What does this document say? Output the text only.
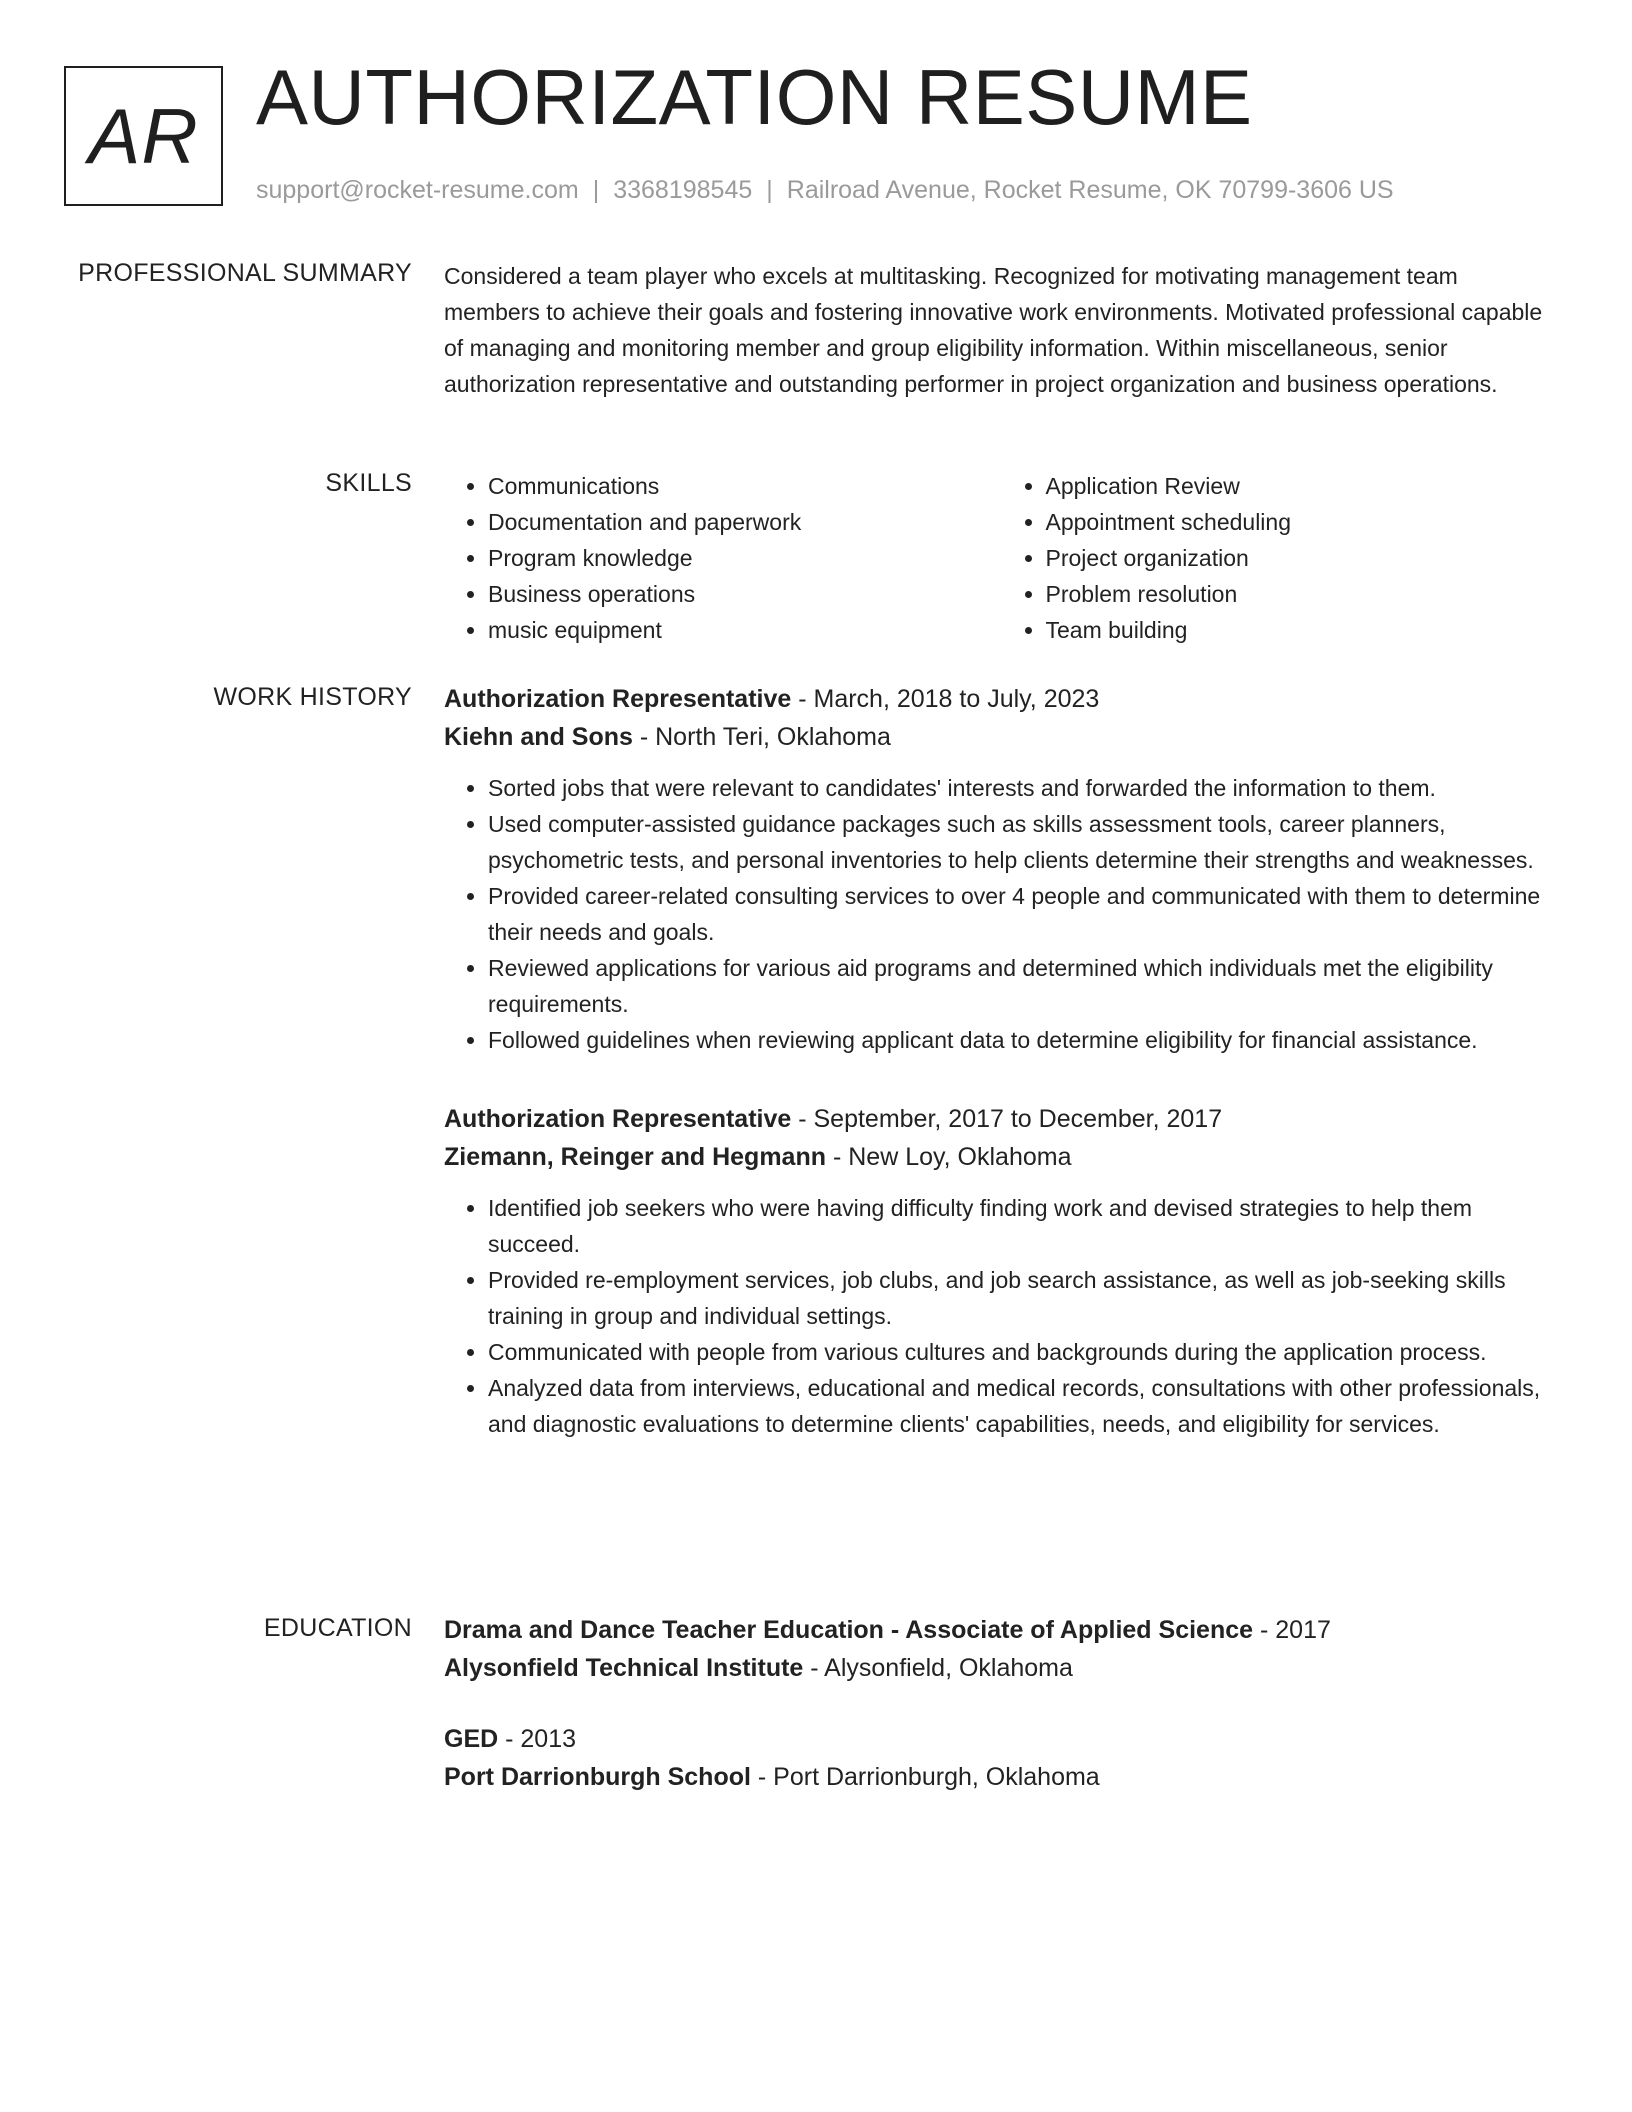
AR AUTHORIZATION RESUME
support@rocket-resume.com | 3368198545 | Railroad Avenue, Rocket Resume, OK 70799-3606 US
PROFESSIONAL SUMMARY Considered a team player who excels at multitasking. Recognized for motivating management team members to achieve their goals and fostering innovative work environments. Motivated professional capable of managing and monitoring member and group eligibility information. Within miscellaneous, senior authorization representative and outstanding performer in project organization and business operations.

SKILLS
•	Communications
• Documentation and paperwork
• Program knowledge
• Business operations
• music equipment
• Application Review
• Appointment scheduling
• Project organization
• Problem resolution
• Team building
WORK HISTORY Authorization Representative - March, 2018 to July, 2023
Kiehn and Sons - North Teri, Oklahoma
• Sorted jobs that were relevant to candidates' interests and forwarded the information to them.
• Used computer-assisted guidance packages such as skills assessment tools, career planners, psychometric tests, and personal inventories to help clients determine their strengths and weaknesses.
• Provided career-related consulting services to over 4 people and communicated with them to determine their needs and goals.
• Reviewed applications for various aid programs and determined which individuals met the eligibility requirements.
• Followed guidelines when reviewing applicant data to determine eligibility for financial assistance.
Authorization Representative - September, 2017 to December, 2017
Ziemann, Reinger and Hegmann - New Loy, Oklahoma
• Identified job seekers who were having difficulty finding work and devised strategies to help them succeed.
• Provided re-employment services, job clubs, and job search assistance, as well as job-seeking skills training in group and individual settings.
• Communicated with people from various cultures and backgrounds during the application process.
• Analyzed data from interviews, educational and medical records, consultations with other professionals, and diagnostic evaluations to determine clients' capabilities, needs, and eligibility for services.
EDUCATION Drama and Dance Teacher Education - Associate of Applied Science - 2017
Alysonfield Technical Institute - Alysonfield, Oklahoma
GED - 2013
Port Darrionburgh School - Port Darrionburgh, Oklahoma
